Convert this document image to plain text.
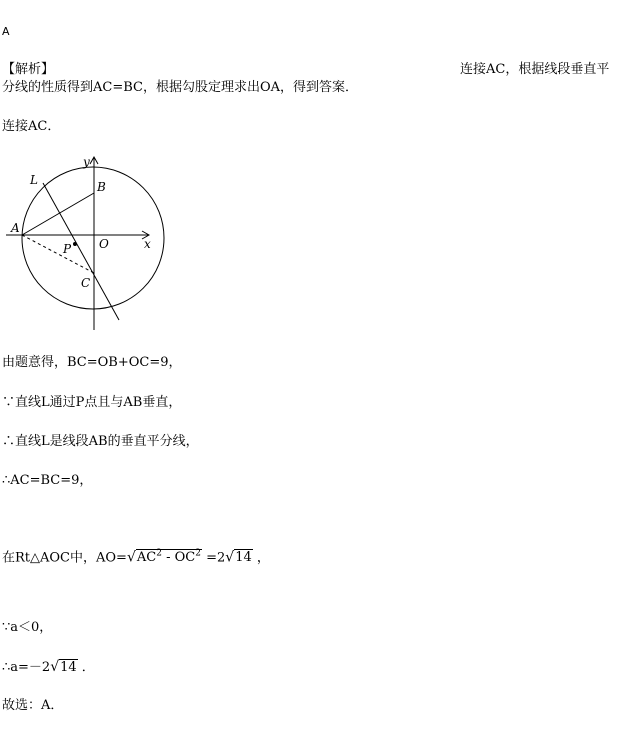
A
【解析】	连接AC，根据线段垂直平
分线的性质得到AC=BC，根据勾股定理求出OA，得到答案．
连接AC．
L
y
B
A
P O	x
C
由题意得，BC=OB+OC=9，
∵直线L通过P点且与AB垂直，
∴直线L是线段AB的垂直平分线，
∴AC=BC=9，
在Rt△AOC中，$AO=√AC^2 - OC^2 =2√14$ ，
∵a＜0，
∴a=－2√14 ．
故选：A．
